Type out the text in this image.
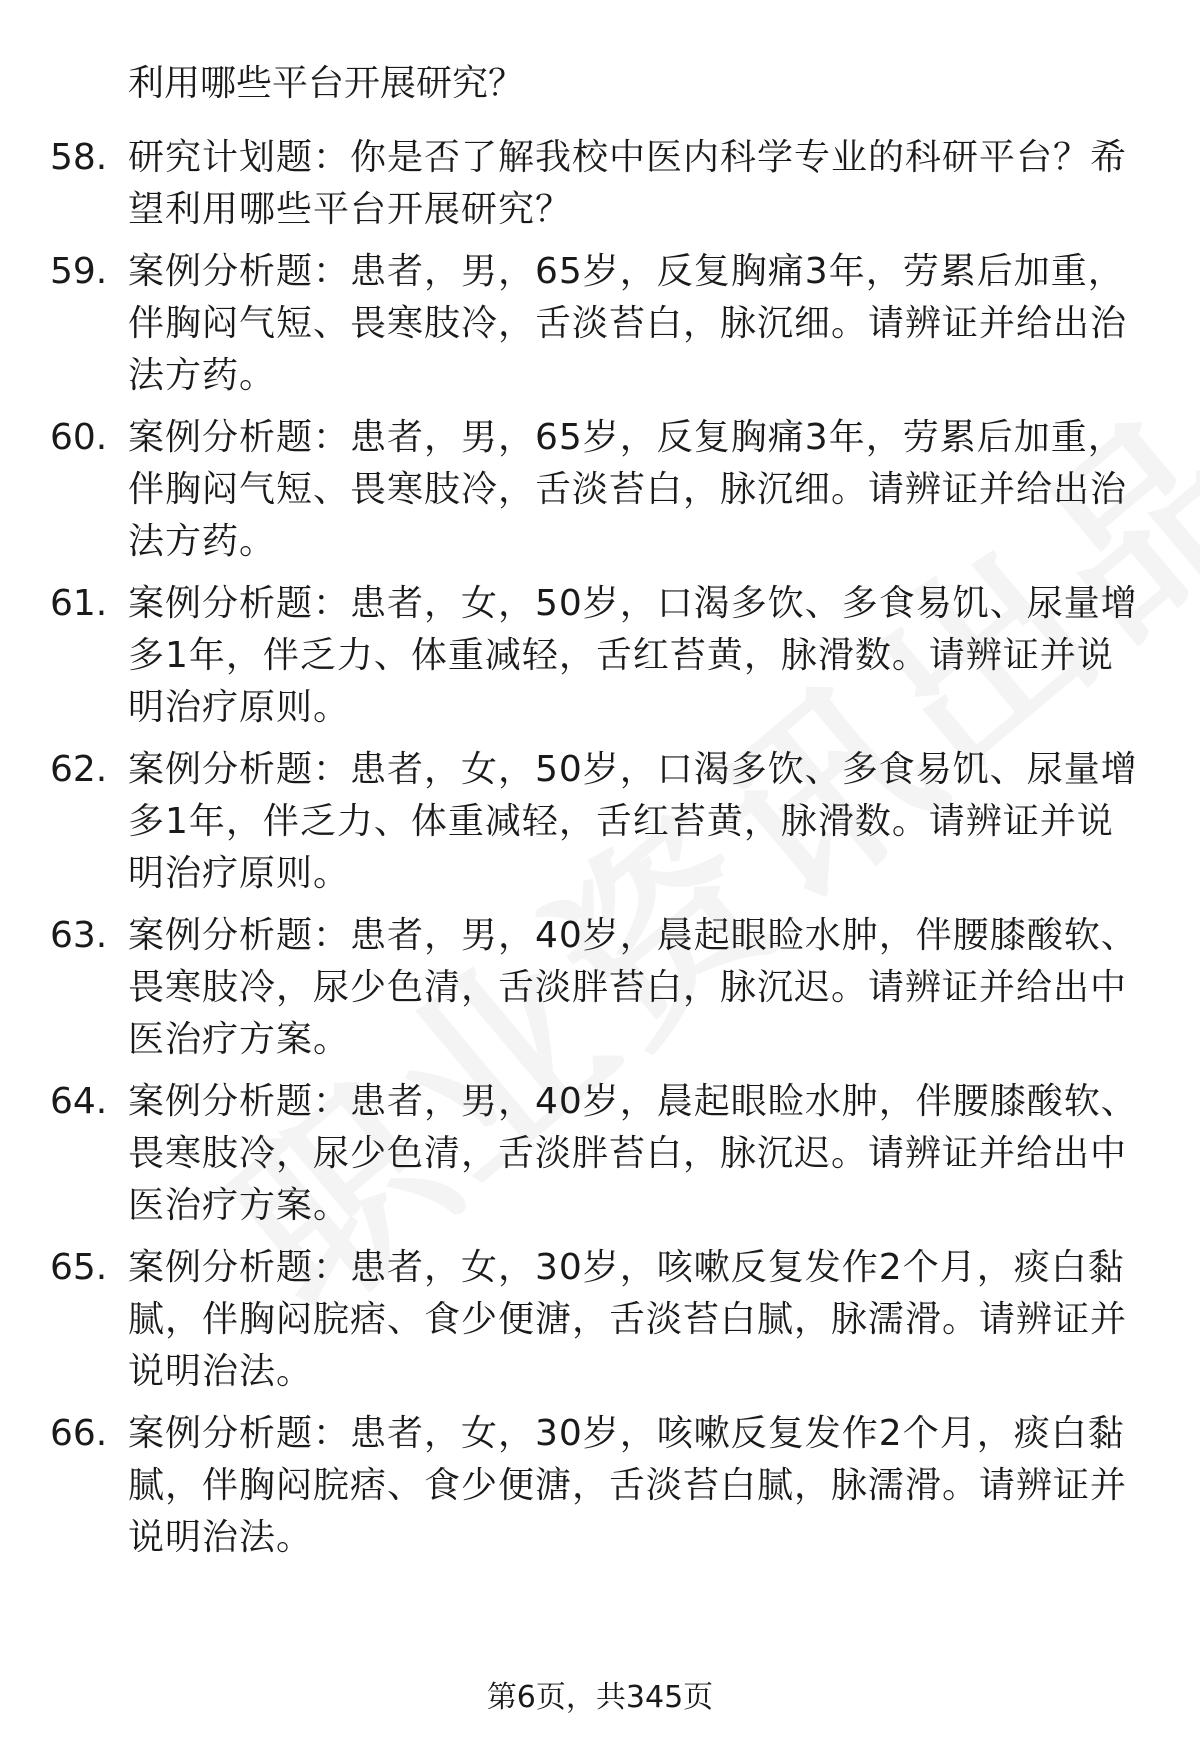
利用哪些平台开展研究？
58. 研究计划题：你是否了解我校中医内科学专业的科研平台？希望利用哪些平台开展研究？
59. 案例分析题：患者，男，65岁，反复胸痛3年，劳累后加重，伴胸闷气短、畏寒肢冷，舌淡苔白，脉沉细。请辨证并给出治法方药。
60. 案例分析题：患者，男，65岁，反复胸痛3年，劳累后加重，伴胸闷气短、畏寒肢冷，舌淡苔白，脉沉细。请辨证并给出治法方药。
61. 案例分析题：患者，女，50岁，口渴多饮、多食易饥、尿量增多1年，伴乏力、体重减轻，舌红苔黄，脉滑数。请辨证并说明治疗原则。
62. 案例分析题：患者，女，50岁，口渴多饮、多食易饥、尿量增多1年，伴乏力、体重减轻，舌红苔黄，脉滑数。请辨证并说明治疗原则。
63. 案例分析题：患者，男，40岁，晨起眼睑水肿，伴腰膝酸软、畏寒肢冷，尿少色清，舌淡胖苔白，脉沉迟。请辨证并给出中医治疗方案。
64. 案例分析题：患者，男，40岁，晨起眼睑水肿，伴腰膝酸软、畏寒肢冷，尿少色清，舌淡胖苔白，脉沉迟。请辨证并给出中医治疗方案。
65. 案例分析题：患者，女，30岁，咳嗽反复发作2个月，痰白黏腻，伴胸闷脘痞、食少便溏，舌淡苔白腻，脉濡滑。请辨证并说明治法。
66. 案例分析题：患者，女，30岁，咳嗽反复发作2个月，痰白黏腻，伴胸闷脘痞、食少便溏，舌淡苔白腻，脉濡滑。请辨证并说明治法。
第6页，共345页
